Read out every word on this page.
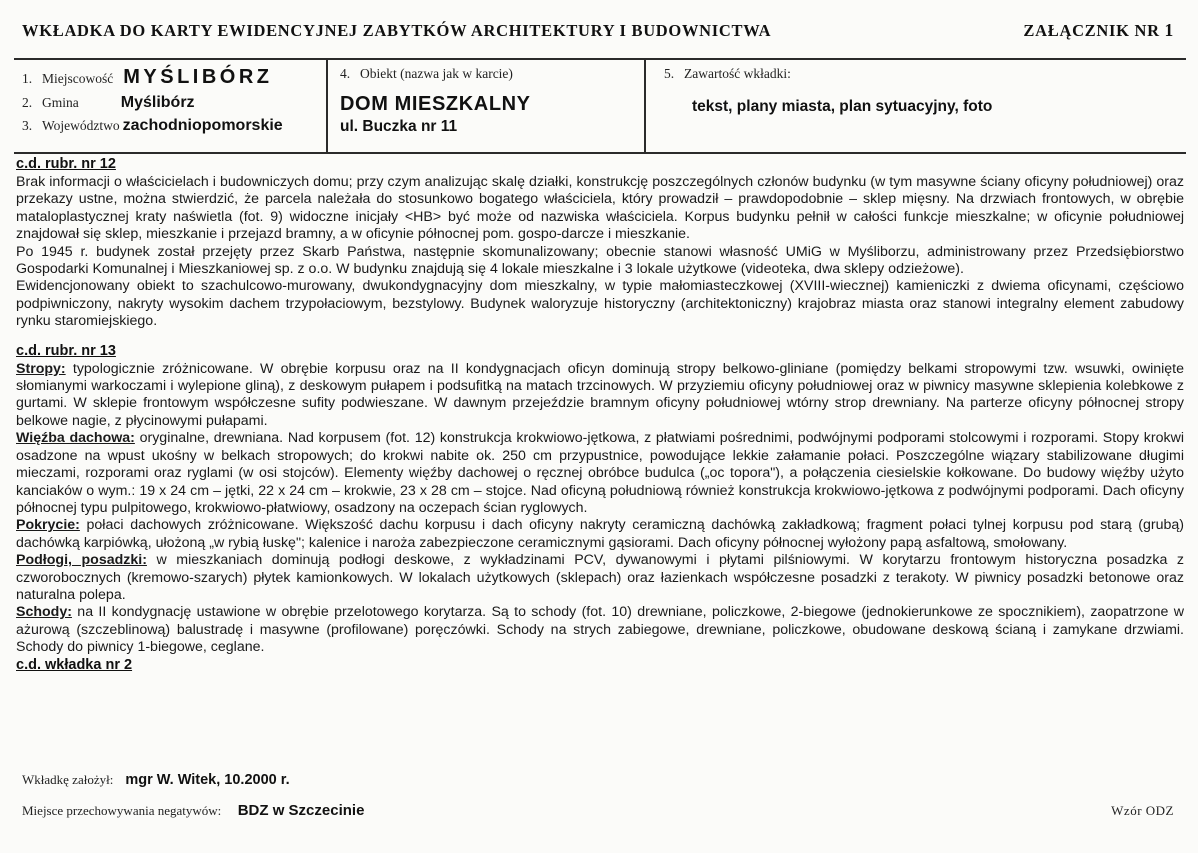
WKŁADKA DO KARTY EWIDENCYJNEJ ZABYTKÓW ARCHITEKTURY I BUDOWNICTWA	ZAŁĄCZNIK NR 1
1. Miejscowość MYŚLIBÓRZ
2. Gmina	Myślibórz
3. Województwo zachodniopomorskie
4. Obiekt (nazwa jak w karcie)
DOM MIESZKALNY
ul. Buczka nr 11
5. Zawartość wkładki:
tekst, plany miasta, plan sytuacyjny, foto
c.d. rubr. nr 12

Brak informacji o właścicielach i budowniczych domu; przy czym analizując skalę działki, konstrukcję poszczególnych członów budynku (w tym masywne ściany oficyny południowej) oraz przekazy ustne, można stwierdzić, że parcela należała do stosunkowo bogatego właściciela, który prowadził – prawdopodobnie – sklep mięsny. Na drzwiach frontowych, w obrębie mataloplastycznej kraty naświetla (fot. 9) widoczne inicjały <HB> być może od nazwiska właściciela. Korpus budynku pełnił w całości funkcje mieszkalne; w oficynie południowej znajdował się sklep, mieszkanie i przejazd bramny, a w oficynie północnej pom. gospo-darcze i mieszkanie.

Po 1945 r. budynek został przejęty przez Skarb Państwa, następnie skomunalizowany; obecnie stanowi własność UMiG w Myśliborzu, administrowany przez Przedsiębiorstwo Gospodarki Komunalnej i Mieszkaniowej sp. z o.o. W budynku znajdują się 4 lokale mieszkalne i 3 lokale użytkowe (videoteka, dwa sklepy odzieżowe).

Ewidencjonowany obiekt to szachulcowo-murowany, dwukondygnacyjny dom mieszkalny, w typie małomiasteczkowej (XVIII-wiecznej) kamieniczki z dwiema oficynami, częściowo podpiwniczony, nakryty wysokim dachem trzypołaciowym, bezstylowy. Budynek waloryzuje historyczny (architektoniczny) krajobraz miasta oraz stanowi integralny element zabudowy rynku staromiejskiego.

c.d. rubr. nr 13

Stropy: typologicznie zróżnicowane. W obrębie korpusu oraz na II kondygnacjach oficyn dominują stropy belkowo-gliniane (pomiędzy belkami stropowymi tzw. wsuwki, owinięte słomianymi warkoczami i wylepione gliną), z deskowym pułapem i podsufitką na matach trzcinowych. W przyziemiu oficyny południowej oraz w piwnicy masywne sklepienia kolebkowe z gurtami. W sklepie frontowym współczesne sufity podwieszane. W dawnym przejeździe bramnym oficyny południowej wtórny strop drewniany. Na parterze oficyny północnej stropy belkowe nagie, z płycinowymi pułapami.

Więźba dachowa: oryginalne, drewniana. Nad korpusem (fot. 12) konstrukcja krokwiowo-jętkowa, z płatwiami pośrednimi, podwójnymi podporami stolcowymi i rozporami. Stopy krokwi osadzone na wpust ukośny w belkach stropowych; do krokwi nabite ok. 250 cm przypustnice, powodujące lekkie załamanie połaci. Poszczególne wiązary stabilizowane długimi mieczami, rozporami oraz ryglami (w osi stojców). Elementy więźby dachowej o ręcznej obróbce budulca („oc topora"), a połączenia ciesielskie kołkowane. Do budowy więźby użyto kanciaków o wym.: 19 x 24 cm – jętki, 22 x 24 cm – krokwie, 23 x 28 cm – stojce. Nad oficyną południową również konstrukcja krokwiowo-jętkowa z podwójnymi podporami. Dach oficyny północnej typu pulpitowego, krokwiowo-płatwiowy, osadzony na oczepach ścian ryglowych.

Pokrycie: połaci dachowych zróżnicowane. Większość dachu korpusu i dach oficyny nakryty ceramiczną dachówką zakładkową; fragment połaci tylnej korpusu pod starą (grubą) dachówką karpiówką, ułożoną „w rybią łuskę"; kalenice i naroża zabezpieczone ceramicznymi gąsiorami. Dach oficyny północnej wyłożony papą asfaltową, smołowany.

Podłogi, posadzki: w mieszkaniach dominują podłogi deskowe, z wykładzinami PCV, dywanowymi i płytami pilśniowymi. W korytarzu frontowym historyczna posadzka z czworobocznych (kremowo-szarych) płytek kamionkowych. W lokalach użytkowych (sklepach) oraz łazienkach współczesne posadzki z terakoty. W piwnicy posadzki betonowe oraz naturalna polepa.

Schody: na II kondygnację ustawione w obrębie przelotowego korytarza. Są to schody (fot. 10) drewniane, policzkowe, 2-biegowe (jednokierunkowe ze spocznikiem), zaopatrzone w ażurową (szczeblinową) balustradę i masywne (profilowane) poręczówki. Schody na strych zabiegowe, drewniane, policzkowe, obudowane deskową ścianą i zamykane drzwiami. Schody do piwnicy 1-biegowe, ceglane.

c.d. wkładka nr 2
Wkładkę założył: mgr W. Witek, 10.2000 r.
Miejsce przechowywania negatywów: BDZ w Szczecinie	Wzór ODZ
